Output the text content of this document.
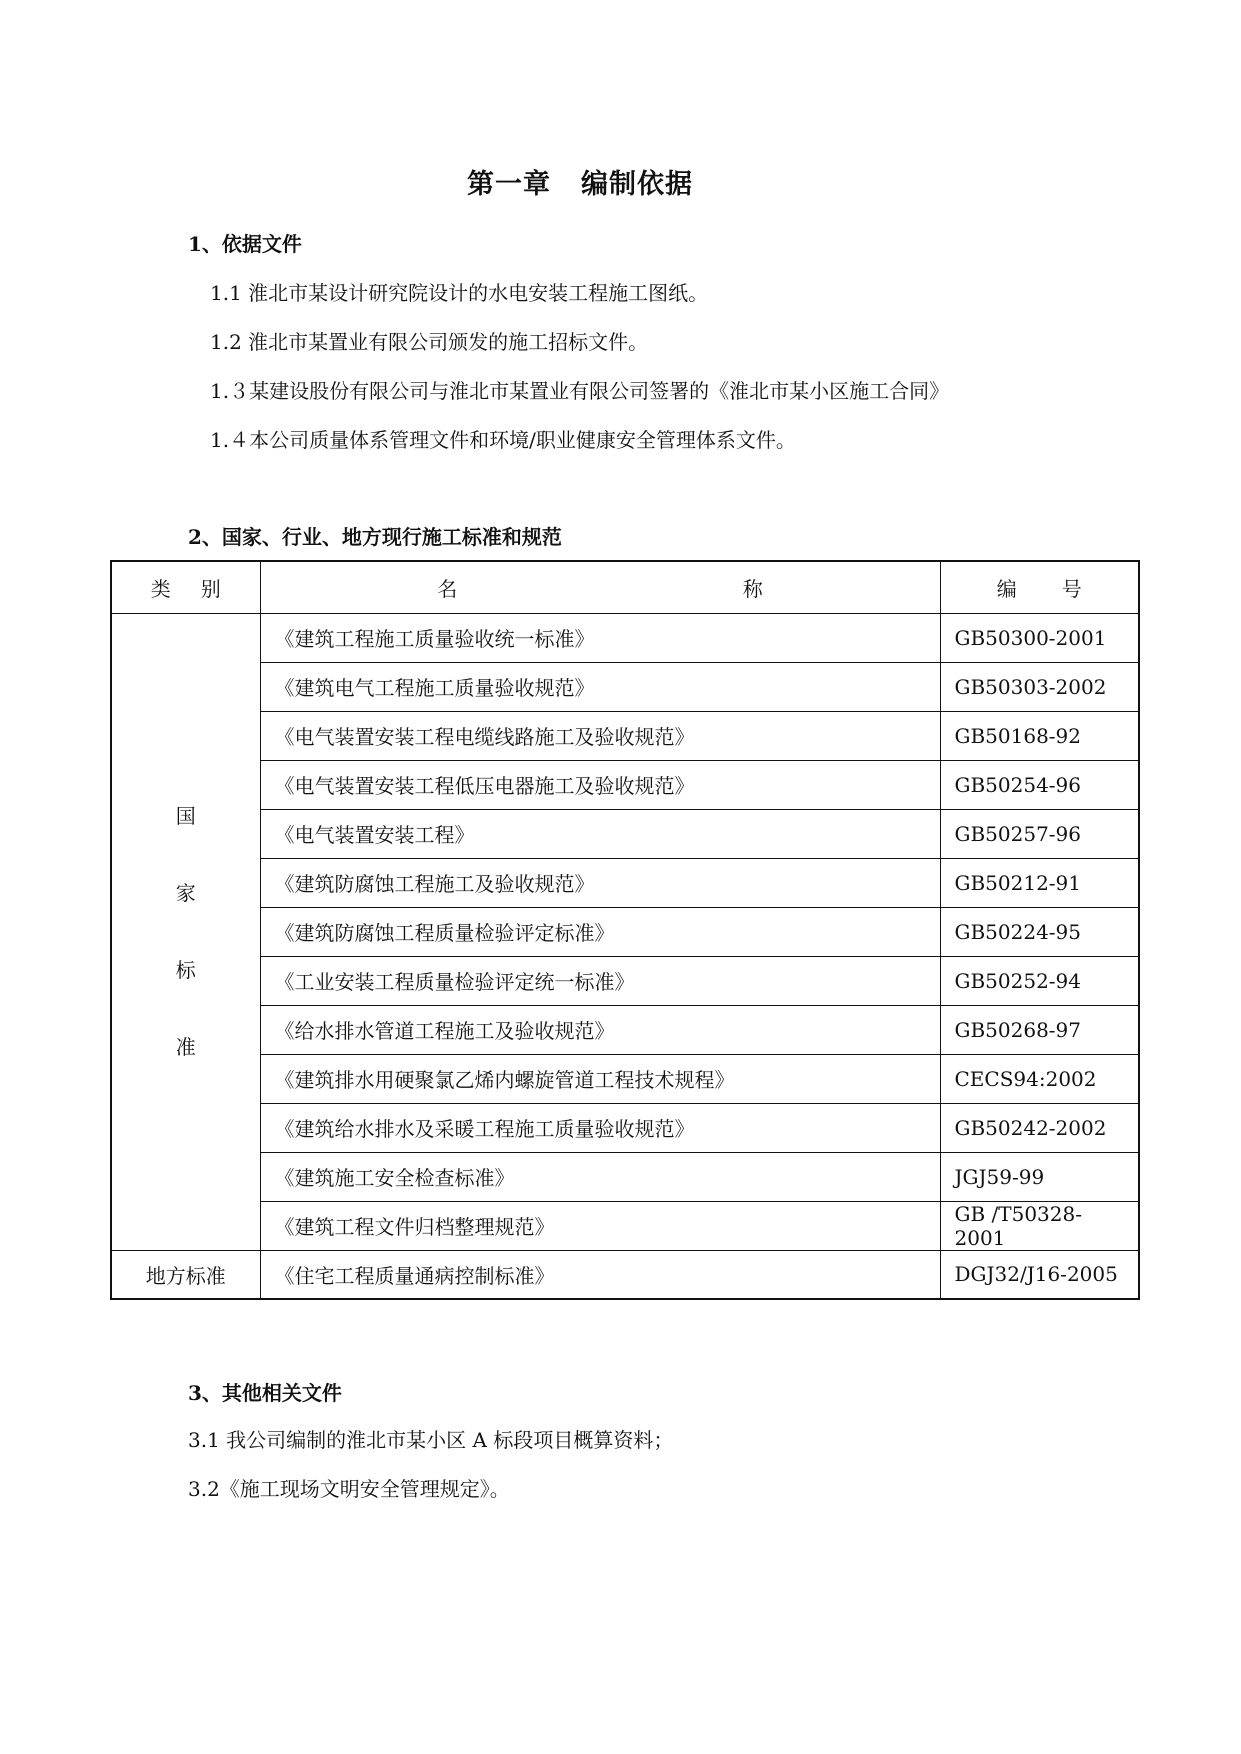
第一章 编制依据
1、依据文件
1.1 淮北市某设计研究院设计的水电安装工程施工图纸。
1.2 淮北市某置业有限公司颁发的施工招标文件。
1.３某建设股份有限公司与淮北市某置业有限公司签署的《淮北市某小区施工合同》
1.４本公司质量体系管理文件和环境/职业健康安全管理体系文件。
2、国家、行业、地方现行施工标准和规范
类 别	名 称	编 号

国
家
标
准	《建筑工程施工质量验收统一标准》	GB50300-2001
	《建筑电气工程施工质量验收规范》	GB50303-2002
	《电气装置安装工程电缆线路施工及验收规范》	GB50168-92
	《电气装置安装工程低压电器施工及验收规范》	GB50254-96
	《电气装置安装工程》	GB50257-96
	《建筑防腐蚀工程施工及验收规范》	GB50212-91
	《建筑防腐蚀工程质量检验评定标准》	GB50224-95
	《工业安装工程质量检验评定统一标准》	GB50252-94
	《给水排水管道工程施工及验收规范》	GB50268-97
	《建筑排水用硬聚氯乙烯内螺旋管道工程技术规程》	CECS94:2002
	《建筑给水排水及采暖工程施工质量验收规范》	GB50242-2002
	《建筑施工安全检查标准》	JGJ59-99
	《建筑工程文件归档整理规范》	GB /T50328-2001
地方标准	《住宅工程质量通病控制标准》	DGJ32/J16-2005
3、其他相关文件
3.1 我公司编制的淮北市某小区 A 标段项目概算资料；
3.2《施工现场文明安全管理规定》。
